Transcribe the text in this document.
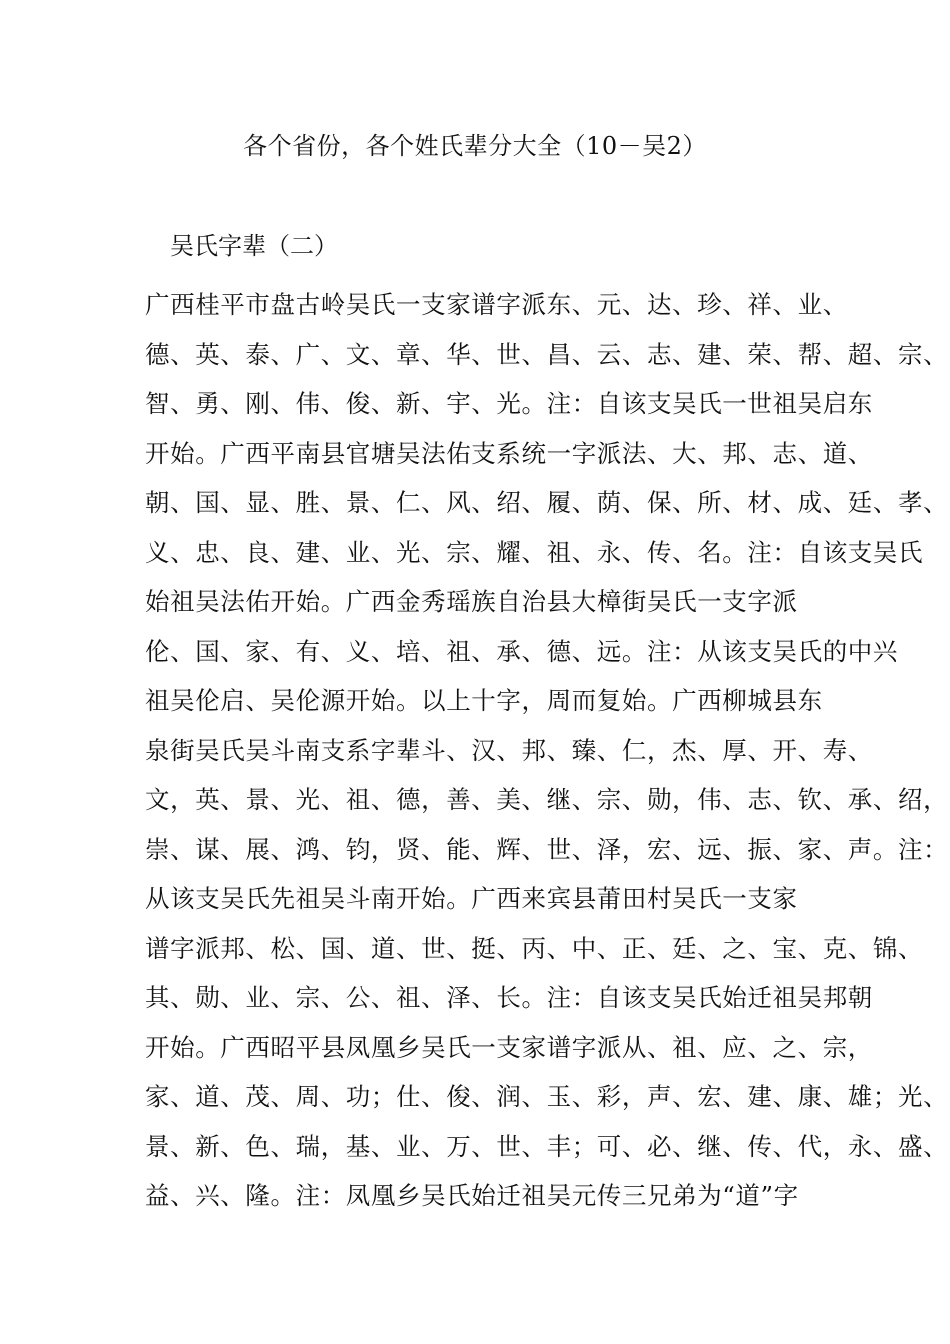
各个省份，各个姓氏辈分大全（10－吴2）
吴氏字辈（二）
广西桂平市盘古岭吴氏一支家谱字派东、元、达、珍、祥、业、
德、英、泰、广、文、章、华、世、昌、云、志、建、荣、帮、超、宗、
智、勇、刚、伟、俊、新、宇、光。注：自该支吴氏一世祖吴启东
开始。广西平南县官塘吴法佑支系统一字派法、大、邦、志、道、
朝、国、显、胜、景、仁、风、绍、履、荫、保、所、材、成、廷、孝、
义、忠、良、建、业、光、宗、耀、祖、永、传、名。注：自该支吴氏
始祖吴法佑开始。广西金秀瑶族自治县大樟街吴氏一支字派
伦、国、家、有、义、培、祖、承、德、远。注：从该支吴氏的中兴
祖吴伦启、吴伦源开始。以上十字，周而复始。广西柳城县东
泉街吴氏吴斗南支系字辈斗、汉、邦、臻、仁，杰、厚、开、寿、
文，英、景、光、祖、德，善、美、继、宗、勋，伟、志、钦、承、绍，
崇、谋、展、鸿、钧，贤、能、辉、世、泽，宏、远、振、家、声。注：
从该支吴氏先祖吴斗南开始。广西来宾县莆田村吴氏一支家
谱字派邦、松、国、道、世、挺、丙、中、正、廷、之、宝、克、锦、
其、勋、业、宗、公、祖、泽、长。注：自该支吴氏始迁祖吴邦朝
开始。广西昭平县凤凰乡吴氏一支家谱字派从、祖、应、之、宗，
家、道、茂、周、功；仕、俊、润、玉、彩，声、宏、建、康、雄；光、
景、新、色、瑞，基、业、万、世、丰；可、必、继、传、代，永、盛、
益、兴、隆。注：凤凰乡吴氏始迁祖吴元传三兄弟为“道”字
